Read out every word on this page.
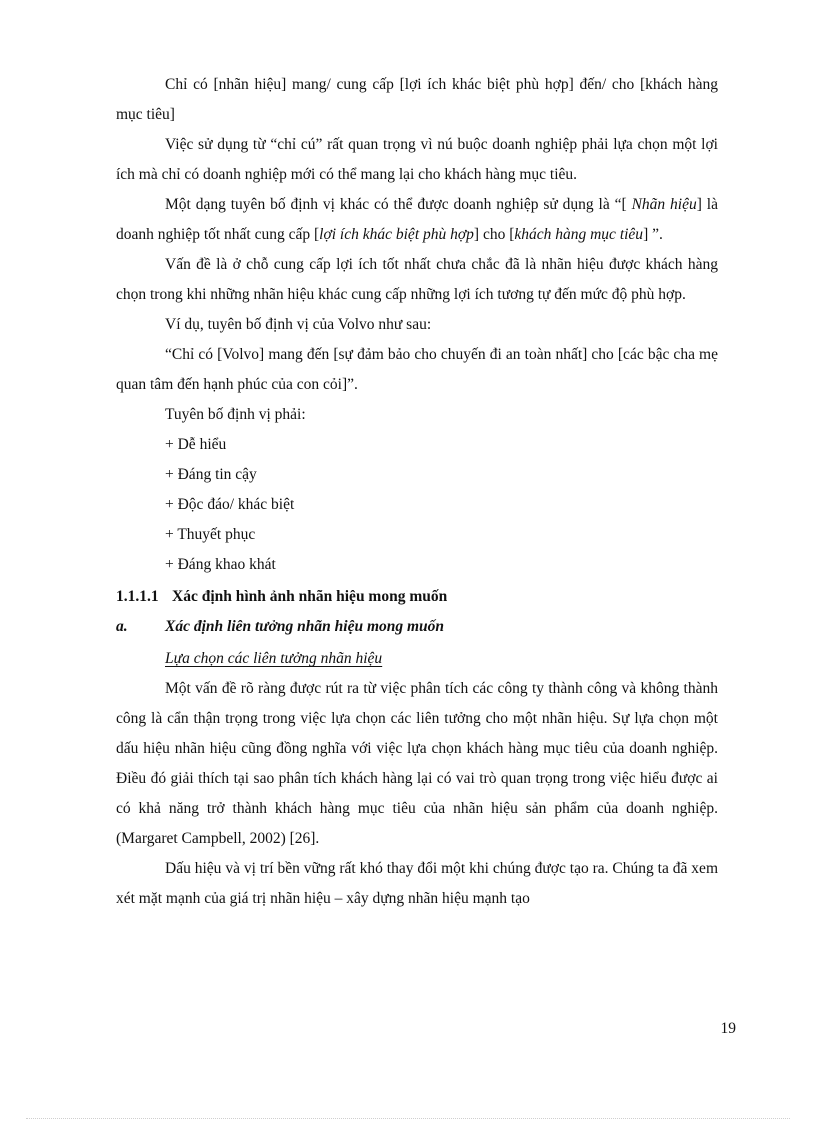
Chỉ có [nhãn hiệu] mang/ cung cấp [lợi ích khác biệt phù hợp] đến/ cho [khách hàng mục tiêu]

Việc sử dụng từ “chỉ cú” rất quan trọng vì nú buộc doanh nghiệp phải lựa chọn một lợi ích mà chỉ có doanh nghiệp mới có thể mang lại cho khách hàng mục tiêu.

Một dạng tuyên bố định vị khác có thể được doanh nghiệp sử dụng là “[ Nhãn hiệu] là doanh nghiệp tốt nhất cung cấp [lợi ích khác biệt phù hợp] cho [khách hàng mục tiêu] ”.

Vấn đề là ở chỗ cung cấp lợi ích tốt nhất chưa chắc đã là nhãn hiệu được khách hàng chọn trong khi những nhãn hiệu khác cung cấp những lợi ích tương tự đến mức độ phù hợp.

Ví dụ, tuyên bố định vị của Volvo như sau:

“Chỉ có [Volvo] mang đến [sự đảm bảo cho chuyến đi an toàn nhất] cho [các bậc cha mẹ quan tâm đến hạnh phúc của con cỏi]”.

Tuyên bố định vị phải:

+ Dễ hiểu

+ Đáng tin cậy

+ Độc đáo/ khác biệt

+ Thuyết phục

+ Đáng khao khát

1.1.1.1 Xác định hình ảnh nhãn hiệu mong muốn

a. Xác định liên tưởng nhãn hiệu mong muốn

Lựa chọn các liên tưởng nhãn hiệu

Một vấn đề rõ ràng được rút ra từ việc phân tích các công ty thành công và không thành công là cẩn thận trọng trong việc lựa chọn các liên tưởng cho một nhãn hiệu. Sự lựa chọn một dấu hiệu nhãn hiệu cũng đồng nghĩa với việc lựa chọn khách hàng mục tiêu của doanh nghiệp. Điều đó giải thích tại sao phân tích khách hàng lại có vai trò quan trọng trong việc hiểu được ai có khả năng trở thành khách hàng mục tiêu của nhãn hiệu sản phẩm của doanh nghiệp. (Margaret Campbell, 2002) [26].

Dấu hiệu và vị trí bền vững rất khó thay đổi một khi chúng được tạo ra. Chúng ta đã xem xét mặt mạnh của giá trị nhãn hiệu – xây dựng nhãn hiệu mạnh tạo

19
